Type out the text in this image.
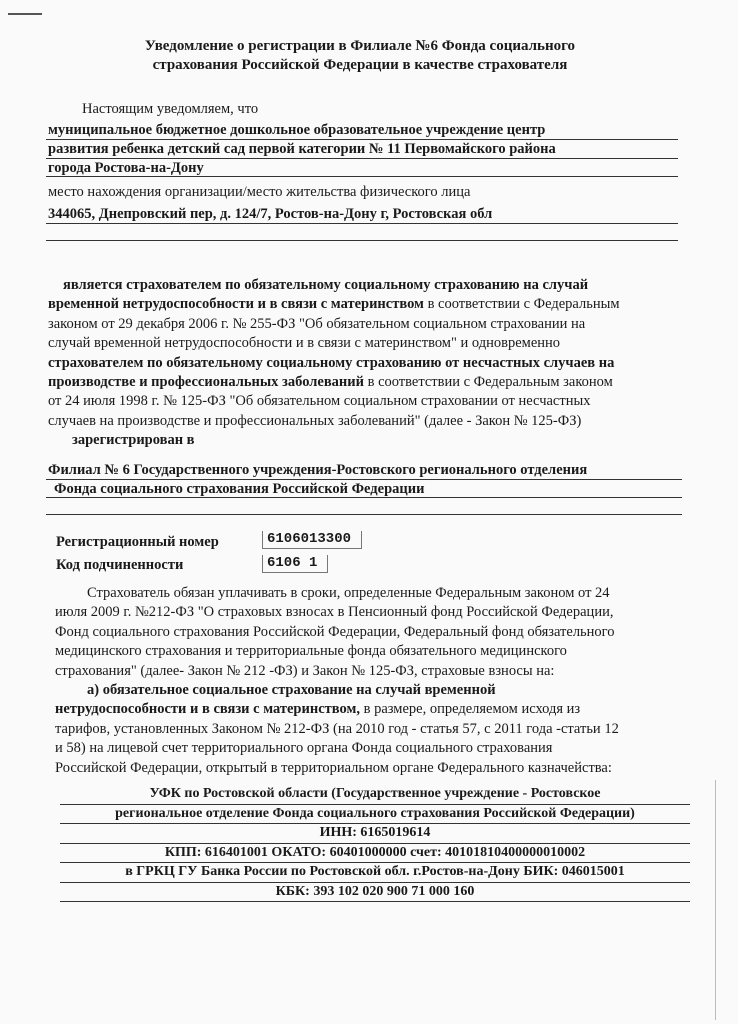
Уведомление о регистрации в Филиале №6 Фонда социального
страхования Российской Федерации в качестве страхователя
Настоящим уведомляем, что
муниципальное бюджетное дошкольное образовательное учреждение центр
развития ребенка детский сад первой категории № 11 Первомайского района
города Ростова-на-Дону
место нахождения организации/место жительства физического лица
344065, Днепровский пер, д. 124/7, Ростов-на-Дону г, Ростовская обл
является страхователем по обязательному социальному страхованию на случай
временной нетрудоспособности и в связи с материнством в соответствии с Федеральным
законом от 29 декабря 2006 г. № 255-ФЗ "Об обязательном социальном страховании на
случай временной нетрудоспособности и в связи с материнством" и одновременно
страхователем по обязательному социальному страхованию от несчастных случаев на
производстве и профессиональных заболеваний в соответствии с Федеральным законом
от 24 июля 1998 г. № 125-ФЗ "Об обязательном социальном страховании от несчастных
случаев на производстве и профессиональных заболеваний" (далее - Закон № 125-ФЗ)
зарегистрирован в
Филиал № 6 Государственного учреждения-Ростовского регионального отделения
Фонда социального страхования Российской Федерации
Регистрационный номер	6106013300
Код подчиненности	6106 1
Страхователь обязан уплачивать в сроки, определенные Федеральным законом от 24
июля 2009 г. №212-ФЗ "О страховых взносах в Пенсионный фонд Российской Федерации,
Фонд социального страхования Российской Федерации, Федеральный фонд обязательного
медицинского страхования и территориальные фонда обязательного медицинского
страхования" (далее- Закон № 212 -ФЗ) и Закон № 125-ФЗ, страховые взносы на:
а) обязательное социальное страхование на случай временной
нетрудоспособности и в связи с материнством, в размере, определяемом исходя из
тарифов, установленных Законом № 212-ФЗ (на 2010 год - статья 57, с 2011 года -статьи 12
и 58) на лицевой счет территориального органа Фонда социального страхования
Российской Федерации, открытый в территориальном органе Федерального казначейства:
УФК по Ростовской области (Государственное учреждение - Ростовское
региональное отделение Фонда социального страхования Российской Федерации)
ИНН: 6165019614
КПП: 616401001 ОКАТО: 60401000000 счет: 40101810400000010002
в ГРКЦ ГУ Банка России по Ростовской обл. г.Ростов-на-Дону БИК: 046015001
КБК: 393 102 020 900 71 000 160
